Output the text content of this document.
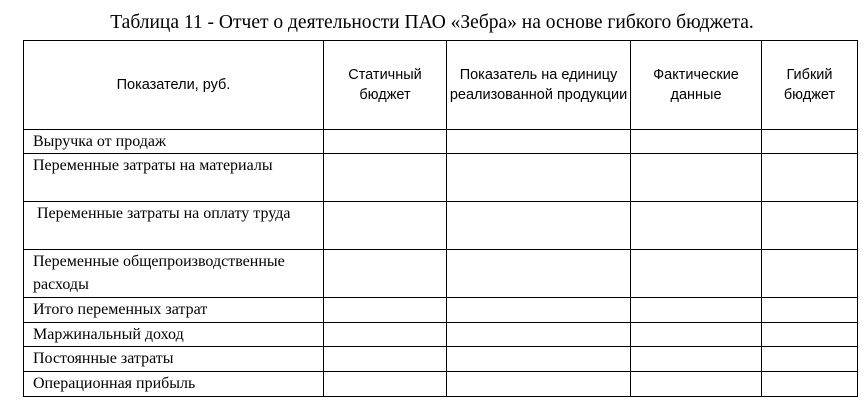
Таблица 11 - Отчет о деятельности ПАО «Зебра» на основе гибкого бюджета.
Показатели, руб.	Статичный бюджет	Показатель на единицу реализованной продукции	Фактические данные	Гибкий бюджет
Выручка от продаж				
Переменные затраты на материалы				
Переменные затраты на оплату труда				
Переменные общепроизводственные расходы				
Итого переменных затрат				
Маржинальный доход				
Постоянные затраты				
Операционная прибыль				
